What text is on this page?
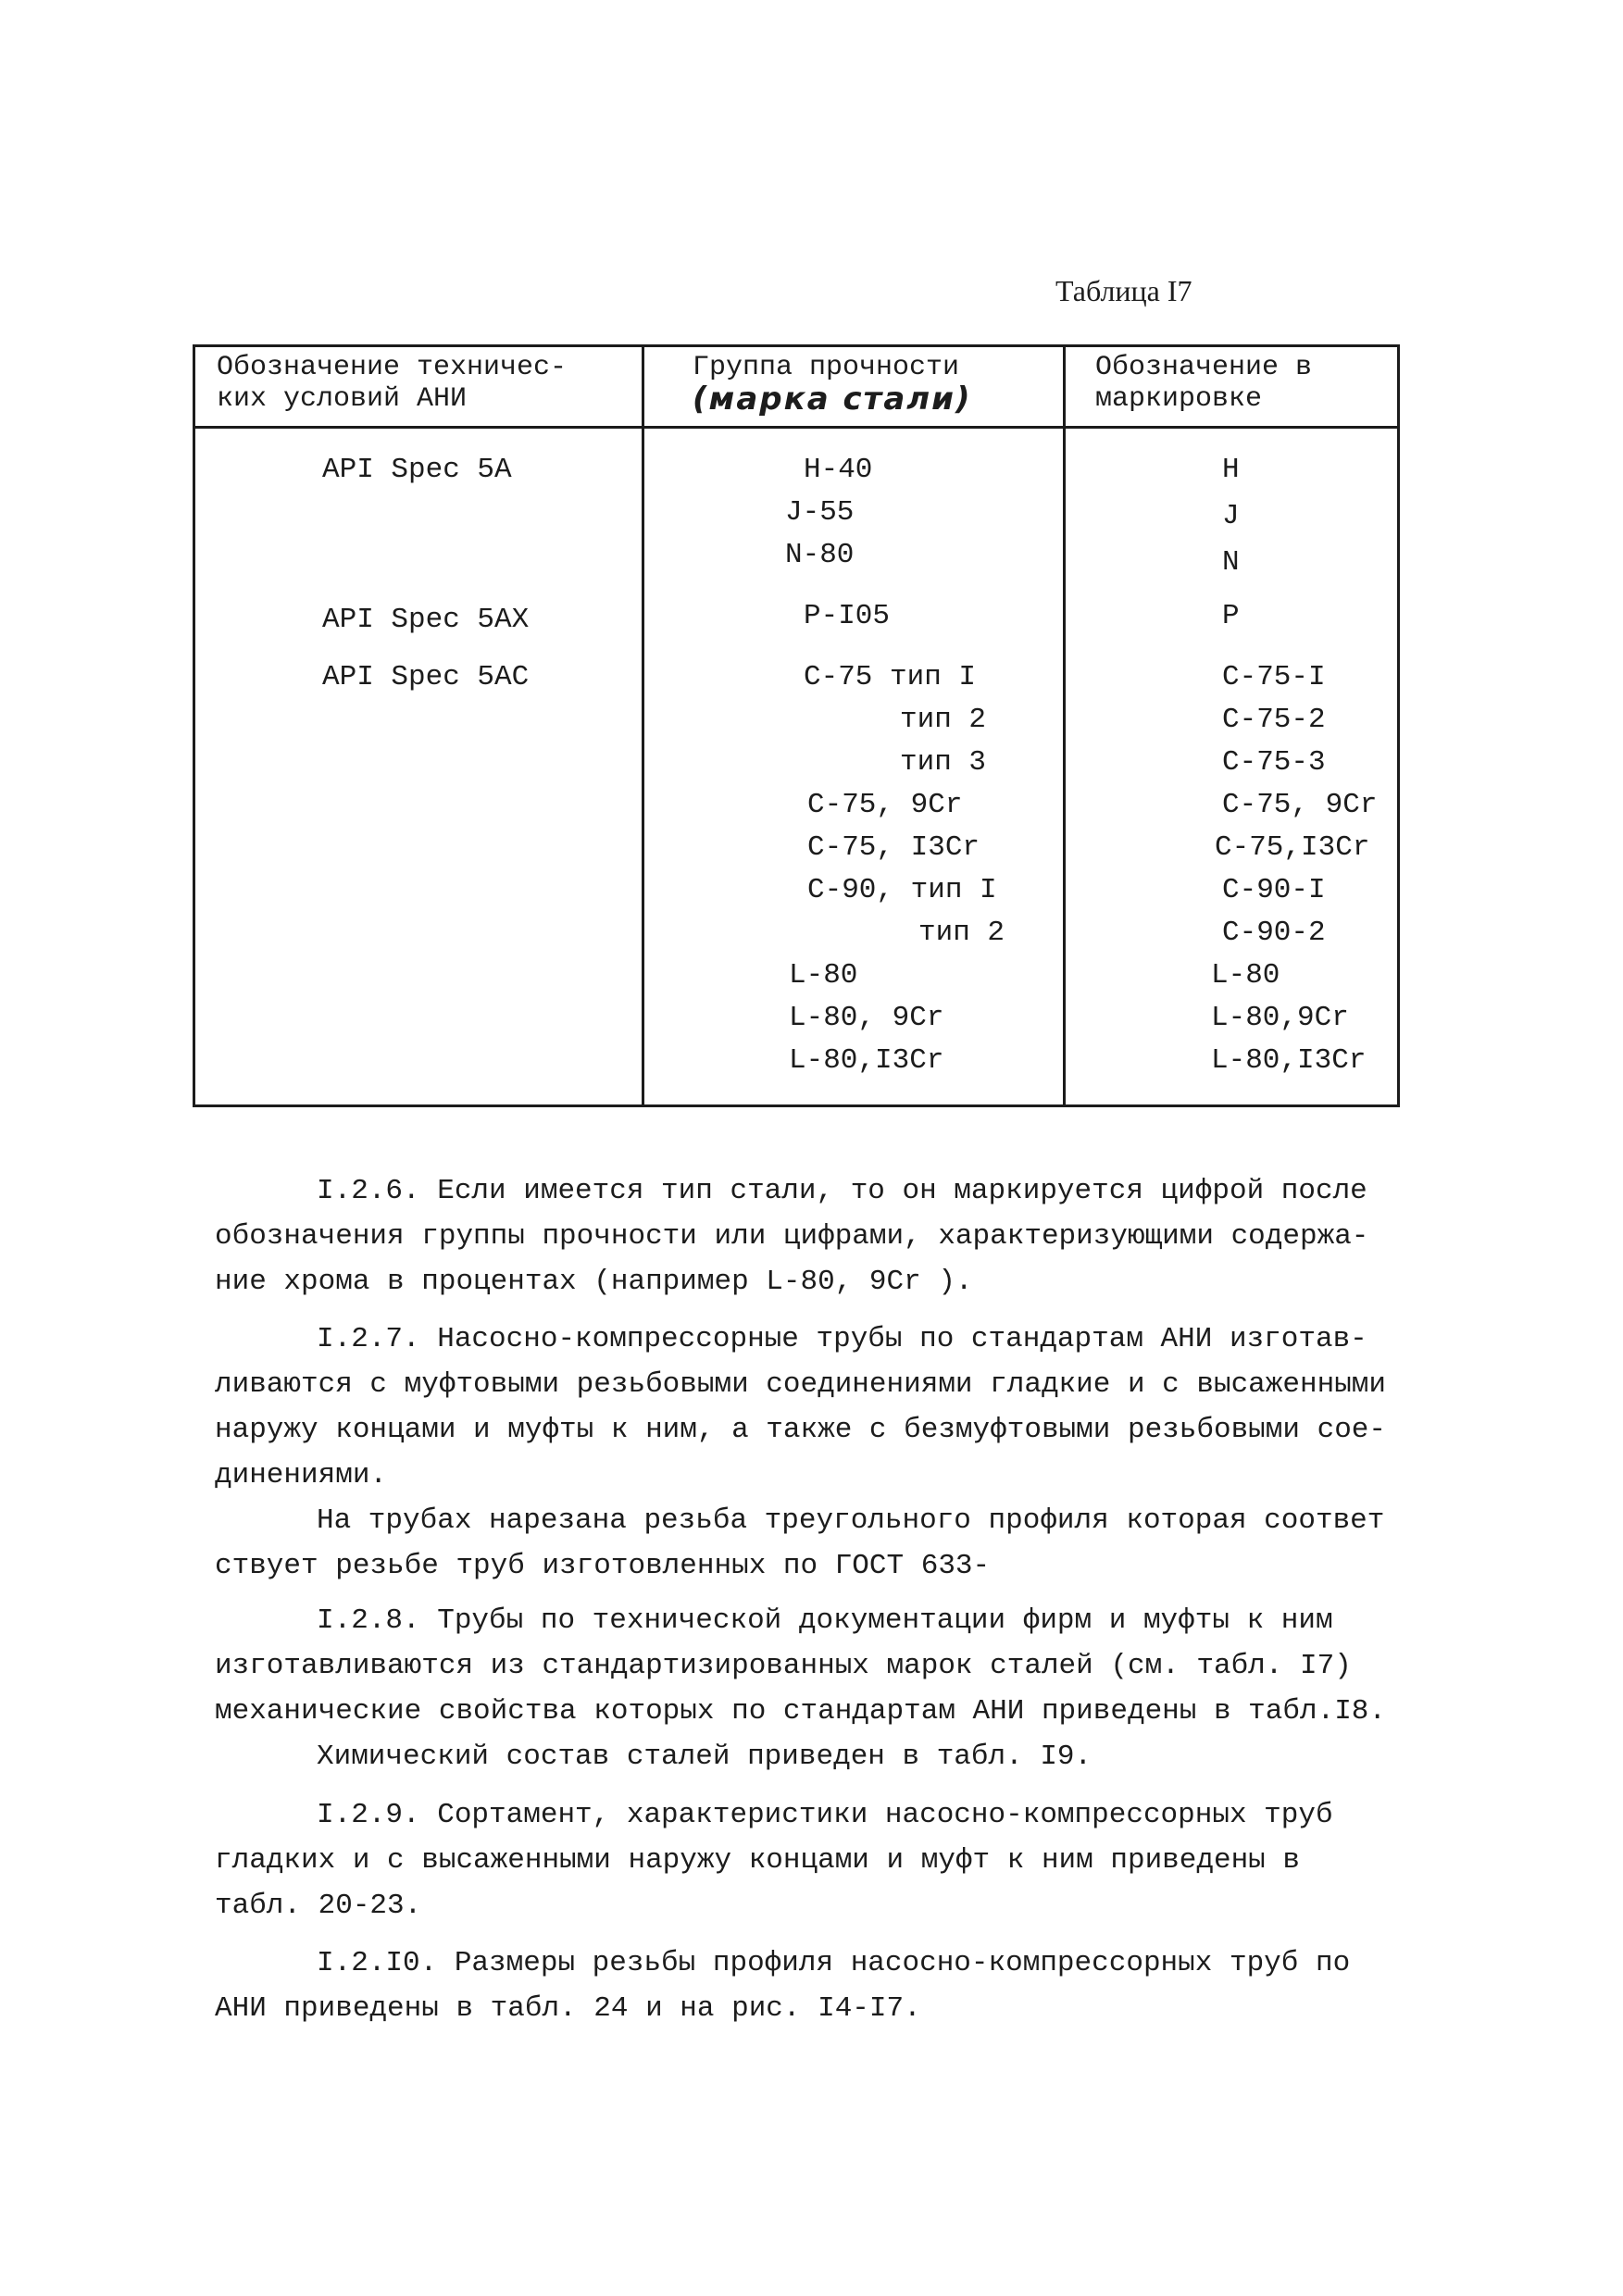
Таблица I7
Обозначение техничес-
ких условий АНИ
Группа прочности
(марка стали)
Обозначение в
маркировке
API Spec 5A
API Spec 5AX
API Spec 5AC
Н-40
J-55
N-80
Р-I05
С-75 тип I
тип 2
тип 3
С-75, 9Сr
С-75, I3Сr
С-90, тип I
тип 2
L-80
L-80, 9Сr
L-80,I3Сr
Н
J
N
Р
С-75-I
С-75-2
С-75-3
С-75, 9Сr
С-75,I3Сr
С-90-I
С-90-2
L-80
L-80,9Сr
L-80,I3Сr

I.2.6. Если имеется тип стали, то он маркируется цифрой после
обозначения группы прочности или цифрами, характеризующими содержа-
ние хрома в процентах (например L-80, 9Сr ).

I.2.7. Насосно-компрессорные трубы по стандартам АНИ изготав-
ливаются с муфтовыми резьбовыми соединениями гладкие и с высаженными
наружу концами и муфты к ним, а также с безмуфтовыми резьбовыми сое-
динениями.

На трубах нарезана резьба треугольного профиля которая соответ
ствует резьбе труб изготовленных по ГОСТ 633-

I.2.8. Трубы по технической документации фирм и муфты к ним
изготавливаются из стандартизированных марок сталей (см. табл. I7)
механические свойства которых по стандартам АНИ приведены в табл.I8.

Химический состав сталей приведен в табл. I9.

I.2.9. Сортамент, характеристики насосно-компрессорных труб
гладких и с высаженными наружу концами и муфт к ним приведены в
табл. 20-23.

I.2.I0. Размеры резьбы профиля насосно-компрессорных труб по
АНИ приведены в табл. 24 и на рис. I4-I7.
